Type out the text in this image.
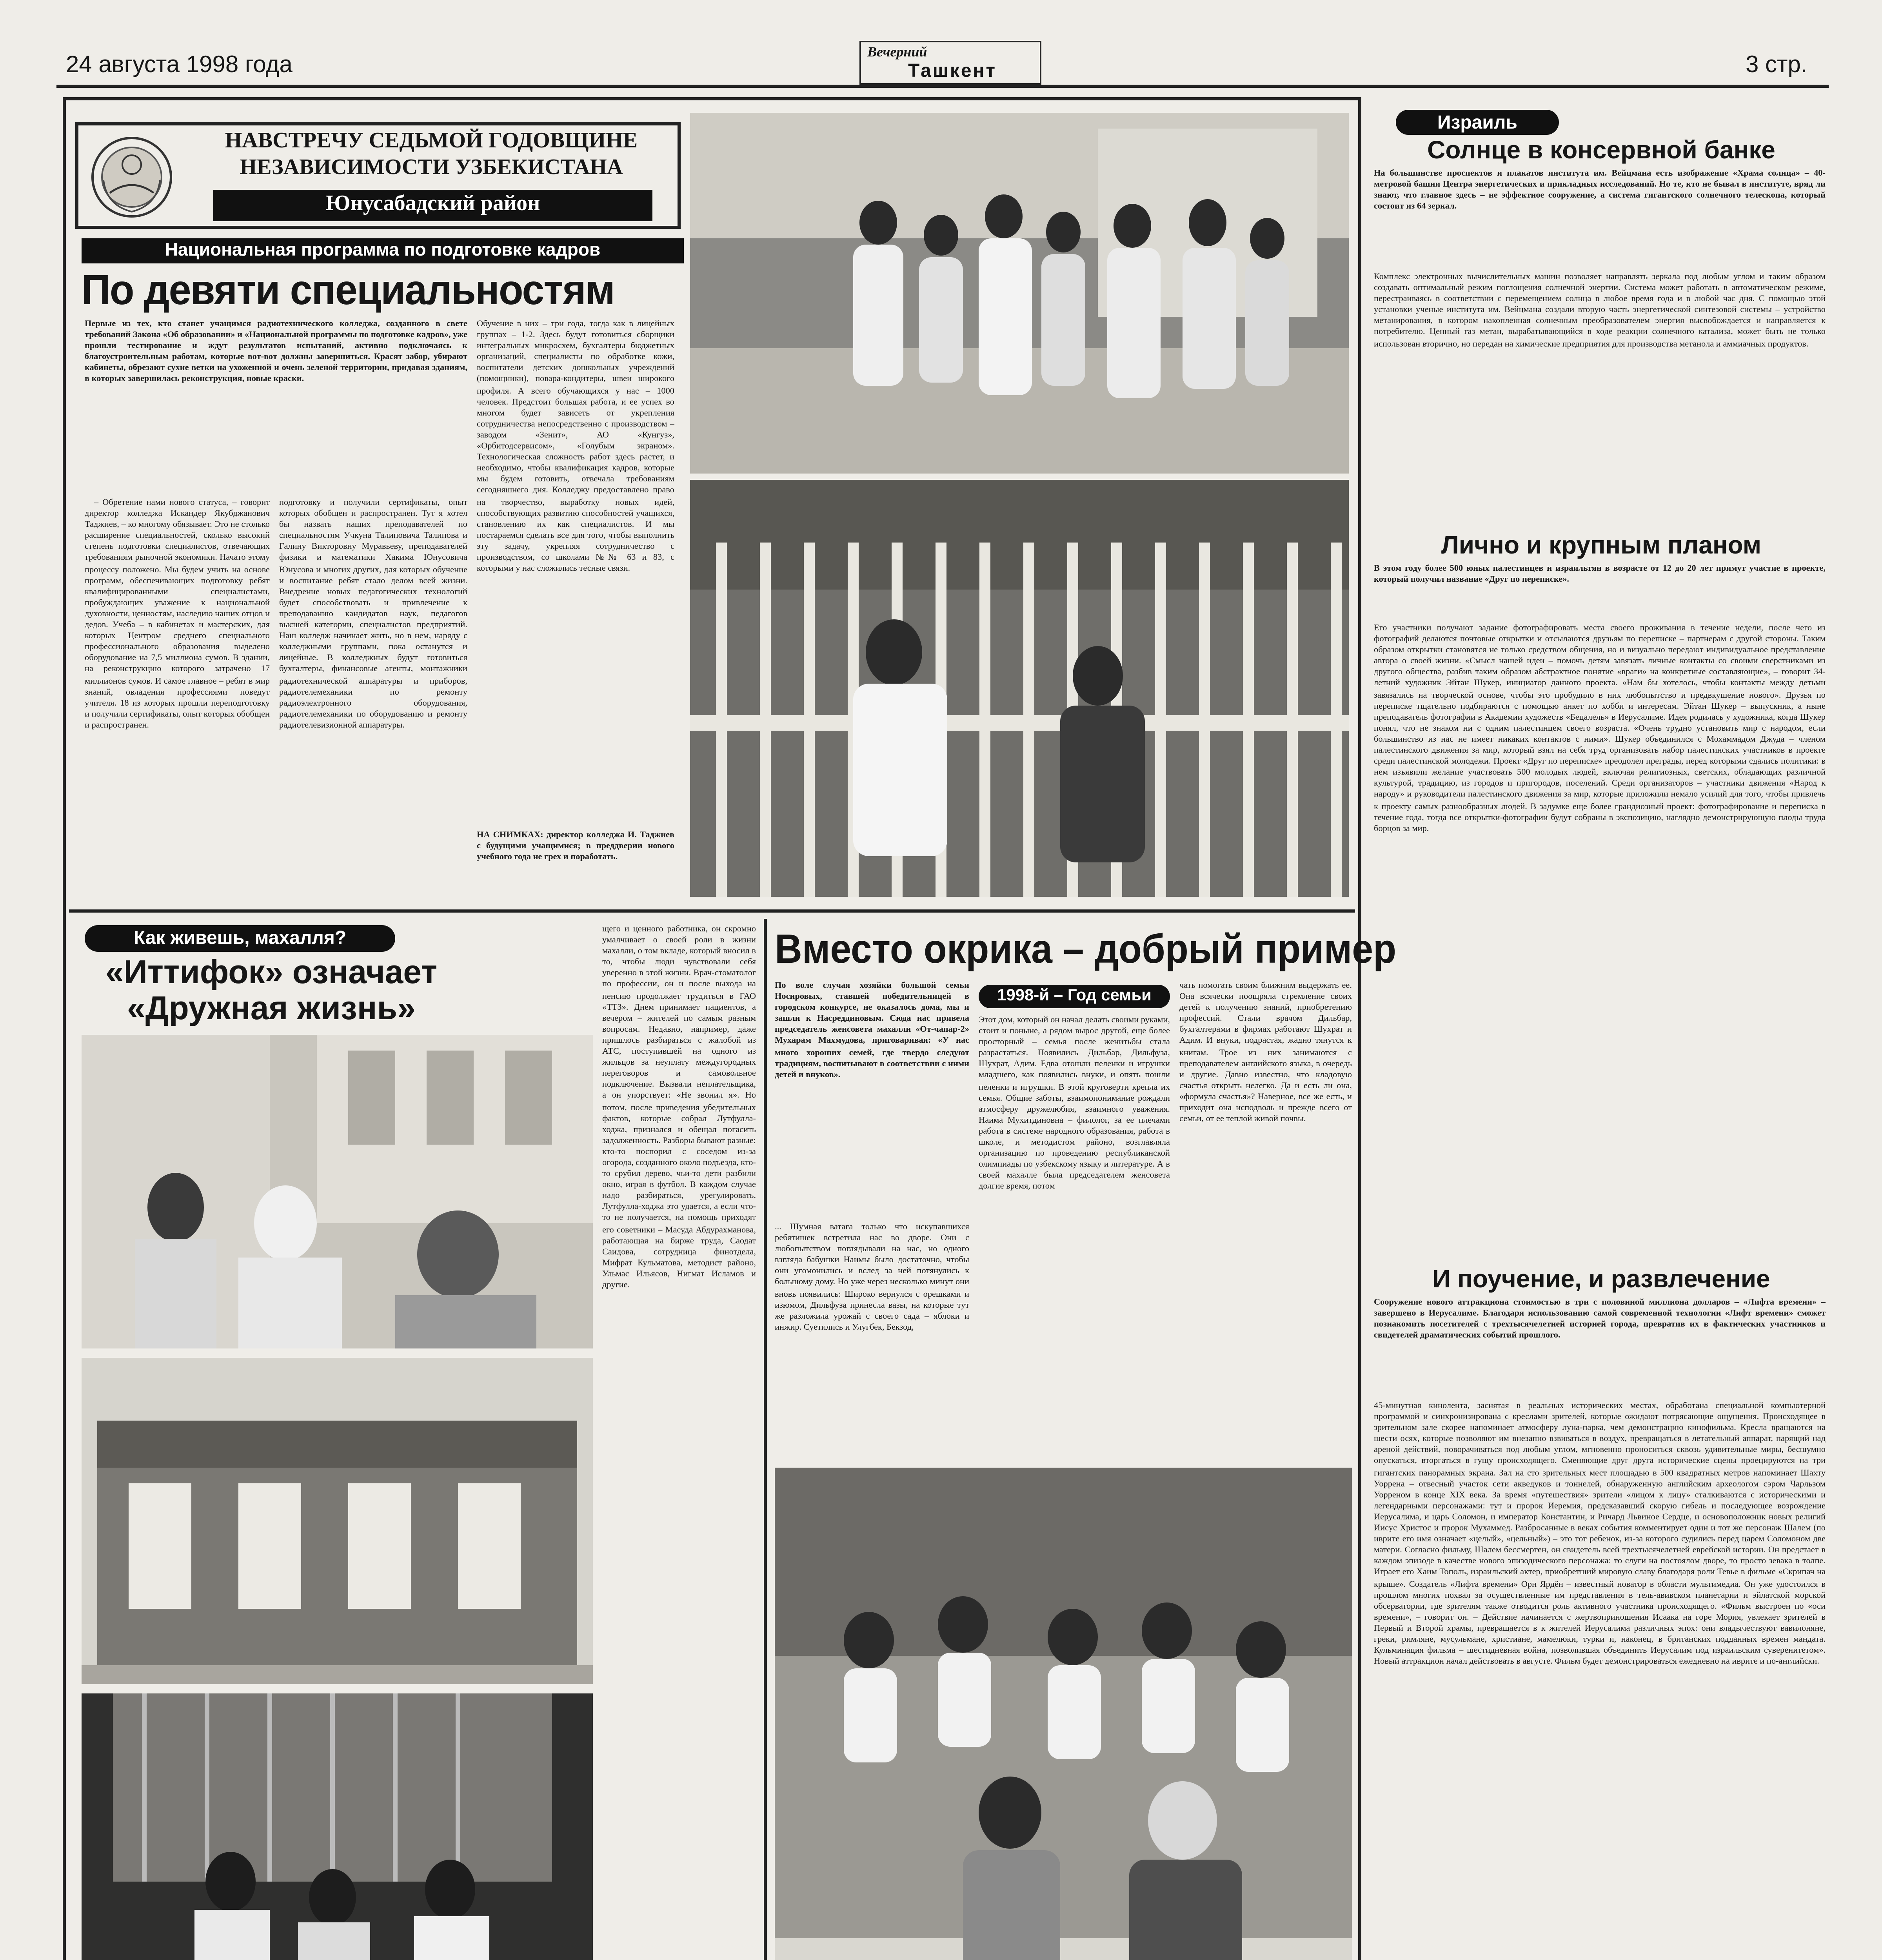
24 августа 1998 года	Вечерний
Ташкент	3 стр.
НАВСТРЕЧУ СЕДЬМОЙ ГОДОВЩИНЕ
НЕЗАВИСИМОСТИ УЗБЕКИСТАНА
Юнусабадский район
Национальная программа по подготовке кадров
По девяти специальностям
Первые из тех, кто станет учащимся радиотехнического колледжа, созданного в свете требований Закона «Об образовании» и «Национальной программы по подготовке кадров», уже прошли тестирование и ждут результатов испытаний, активно подключаясь к благоустроительным работам, которые вот-вот должны завершиться. Красят забор, убирают кабинеты, обрезают сухие ветки на ухоженной и очень зеленой территории, придавая зданиям, в которых завершилась реконструкция, новые краски.
– Обретение нами нового статуса, – говорит директор колледжа Искандер Якубджанович Таджиев, – ко многому обязывает. Это не столько расширение специальностей, сколько высокий степень подготовки специалистов, отвечающих требованиям рыночной экономики. Начато этому процессу положено. Мы будем учить на основе программ, обеспечивающих подготовку ребят квалифицированными специалистами, пробуждающих уважение к национальной духовности, ценностям, наследию наших отцов и дедов. Учеба – в кабинетах и мастерских, для которых Центром среднего специального профессионального образования выделено оборудование на 7,5 миллиона сумов. В здании, на реконструкцию которого затрачено 17 миллионов сумов. И самое главное – ребят в мир знаний, овладения профессиями поведут учителя. 18 из которых прошли переподготовку и получили сертификаты, опыт которых обобщен и распространен.
подготовку и получили сертификаты, опыт которых обобщен и распространен. Тут я хотел бы назвать наших преподавателей по специальностям Учкуна Талиповича Талипова и Галину Викторовну Муравьеву, преподавателей физики и математики Хакима Юнусовича Юнусова и многих других, для которых обучение и воспитание ребят стало делом всей жизни. Внедрение новых педагогических технологий будет способствовать и привлечение к преподаванию кандидатов наук, педагогов высшей категории, специалистов предприятий. Наш колледж начинает жить, но в нем, наряду с колледжными группами, пока останутся и лицейные. В колледжных будут готовиться бухгалтеры, финансовые агенты, монтажники радиотехнической аппаратуры и приборов, радиотелемеханики по ремонту радиоэлектронного оборудования, радиотелемеханики по оборудованию и ремонту радиотелевизионной аппаратуры.
Обучение в них – три года, тогда как в лицейных группах – 1-2. Здесь будут готовиться сборщики интегральных микросхем, бухгалтеры бюджетных организаций, специалисты по обработке кожи, воспитатели детских дошкольных учреждений (помощники), повара-кондитеры, швеи широкого профиля. А всего обучающихся у нас – 1000 человек. Предстоит большая работа, и ее успех во многом будет зависеть от укрепления сотрудничества непосредственно с производством – заводом «Зенит», АО «Кунгуз», «Орбитодсервисом», «Голубым экраном». Технологическая сложность работ здесь растет, и необходимо, чтобы квалификация кадров, которые мы будем готовить, отвечала требованиям сегодняшнего дня. Колледжу предоставлено право на творчество, выработку новых идей, способствующих развитию способностей учащихся, становлению их как специалистов. И мы постараемся сделать все для того, чтобы выполнить эту задачу, укрепляя сотрудничество с производством, со школами №№ 63 и 83, с которыми у нас сложились тесные связи.
НА СНИМКАХ: директор колледжа И. Таджиев с будущими учащимися; в преддверии нового учебного года не грех и поработать.
Как живешь, махалля?
«Иттифок» означает
«Дружная жизнь»
щего и ценного работника, он скромно умалчивает о своей роли в жизни махалли, о том вкладе, который вносил в то, чтобы люди чувствовали себя уверенно в этой жизни. Врач-стоматолог по профессии, он и после выхода на пенсию продолжает трудиться в ГАО «ТТЗ». Днем принимает пациентов, а вечером – жителей по самым разным вопросам. Недавно, например, даже пришлось разбираться с жалобой из АТС, поступившей на одного из жильцов за неуплату междугородных переговоров и самовольное подключение. Вызвали неплательщика, а он упорствует: «Не звонил я». Но потом, после приведения убедительных фактов, которые собрал Лутфулла-ходжа, признался и обещал погасить задолженность. Разборы бывают разные: кто-то поспорил с соседом из-за огорода, созданного около подъезда, кто-то срубил дерево, чьи-то дети разбили окно, играя в футбол. В каждом случае надо разбираться, урегулировать. Лутфулла-ходжа это удается, а если что-то не получается, на помощь приходят его советники – Масуда Абдурахманова, работающая на бирже труда, Саодат Саидова, сотрудница финотдела, Мифрат Кульматова, методист районо, Ульмас Ильясов, Нигмат Исламов и другие.
Вместо окрика – добрый пример
По воле случая хозяйки большой семьи Носировых, ставшей победительницей в городском конкурсе, не оказалось дома, мы и зашли к Насреддиновым. Сюда нас привела председатель женсовета махалли «От-чапар-2» Мухарам Махмудова, приговаривая: «У нас много хороших семей, где твердо следуют традициям, воспитывают в соответствии с ними детей и внуков».
1998-й – Год семьи
... Шумная ватага только что искупавшихся ребятишек встретила нас во дворе. Они с любопытством поглядывали на нас, но одного взгляда бабушки Наимы было достаточно, чтобы они угомонились и вслед за ней потянулись к большому дому. Но уже через несколько минут они вновь появились: Широко вернулся с орешками и изюмом, Дильфуза принесла вазы, на которые тут же разложила урожай с своего сада – яблоки и инжир. Суетились и Улугбек, Бекзод,
Этот дом, который он начал делать своими руками, стоит и поныне, а рядом вырос другой, еще более просторный – семья после женитьбы стала разрастаться. Появились Дильбар, Дильфуза, Шухрат, Адим. Едва отошли пеленки и игрушки младшего, как появились внуки, и опять пошли пеленки и игрушки. В этой круговерти крепла их семья. Общие заботы, взаимопонимание рождали атмосферу дружелюбия, взаимного уважения. Наима Мухитдиновна – филолог, за ее плечами работа в системе народного образования, работа в школе, и методистом районо, возглавляла организацию по проведению республиканской олимпиады по узбекскому языку и литературе. А в своей махалле была председателем женсовета долгие время, потом
чать помогать своим ближним выдержать ее. Она всячески поощряла стремление своих детей к получению знаний, приобретению профессий. Стали врачом Дильбар, бухгалтерами в фирмах работают Шухрат и Адим. И внуки, подрастая, жадно тянутся к книгам. Трое из них занимаются с преподавателем английского языка, в очередь и другие. Давно известно, что кладовую счастья открыть нелегко. Да и есть ли она, «формула счастья»? Наверное, все же есть, и приходит она исподволь и прежде всего от семьи, от ее теплой живой почвы.
Израиль
Солнце в консервной банке
На большинстве проспектов и плакатов института им. Вейцмана есть изображение «Храма солнца» – 40-метровой башни Центра энергетических и прикладных исследований. Но те, кто не бывал в институте, вряд ли знают, что главное здесь – не эффектное сооружение, а система гигантского солнечного телескопа, который состоит из 64 зеркал.
Комплекс электронных вычислительных машин позволяет направлять зеркала под любым углом и таким образом создавать оптимальный режим поглощения солнечной энергии. Система может работать в автоматическом режиме, перестраиваясь в соответствии с перемещением солнца в любое время года и в любой час дня. С помощью этой установки ученые института им. Вейцмана создали вторую часть энергетической синтезовой системы – устройство метанирования, в котором накопленная солнечным преобразователем энергия высвобождается и направляется к потребителю. Ценный газ метан, вырабатывающийся в ходе реакции солнечного катализа, может быть не только использован вторично, но передан на химические предприятия для производства метанола и аммиачных продуктов.
Лично и крупным планом
В этом году более 500 юных палестинцев и израильтян в возрасте от 12 до 20 лет примут участие в проекте, который получил название «Друг по переписке».
Его участники получают задание фотографировать места своего проживания в течение недели, после чего из фотографий делаются почтовые открытки и отсылаются друзьям по переписке – партнерам с другой стороны. Таким образом открытки становятся не только средством общения, но и визуально передают индивидуальное представление автора о своей жизни. «Смысл нашей идеи – помочь детям завязать личные контакты со своими сверстниками из другого общества, разбив таким образом абстрактное понятие «враги» на конкретные составляющие», – говорит 34-летний художник Эйтан Шукер, инициатор данного проекта. «Нам бы хотелось, чтобы контакты между детьми завязались на творческой основе, чтобы это пробудило в них любопытство и предвкушение нового». Друзья по переписке тщательно подбираются с помощью анкет по хобби и интересам. Эйтан Шукер – выпускник, а ныне преподаватель фотографии в Академии художеств «Бецалель» в Иерусалиме. Идея родилась у художника, когда Шукер понял, что не знаком ни с одним палестинцем своего возраста. «Очень трудно установить мир с народом, если большинство из нас не имеет никаких контактов с ними». Шукер объединился с Мохаммадом Джуда – членом палестинского движения за мир, который взял на себя труд организовать набор палестинских участников в проекте среди палестинской молодежи. Проект «Друг по переписке» преодолел преграды, перед которыми сдались политики: в нем изъявили желание участвовать 500 молодых людей, включая религиозных, светских, обладающих различной культурой, традицию, из городов и пригородов, поселений. Среди организаторов – участники движения «Народ к народу» и руководители палестинского движения за мир, которые приложили немало усилий для того, чтобы привлечь к проекту самых разнообразных людей. В задумке еще более грандиозный проект: фотографирование и переписка в течение года, тогда все открытки-фотографии будут собраны в экспозицию, наглядно демонстрирующую плоды труда борцов за мир.
И поучение, и развлечение
Сооружение нового аттракциона стоимостью в три с половиной миллиона долларов – «Лифта времени» – завершено в Иерусалиме. Благодаря использованию самой современной технологии «Лифт времени» сможет познакомить посетителей с трехтысячелетней историей города, превратив их в фактических участников и свидетелей драматических событий прошлого.
45-минутная кинолента, заснятая в реальных исторических местах, обработана специальной компьютерной программой и синхронизирована с креслами зрителей, которые ожидают потрясающие ощущения. Происходящее в зрительном зале скорее напоминает атмосферу луна-парка, чем демонстрацию кинофильма. Кресла вращаются на шести осях, которые позволяют им внезапно взвиваться в воздух, превращаться в летательный аппарат, парящий над ареной действий, поворачиваться под любым углом, мгновенно проноситься сквозь удивительные миры, бесшумно опускаться, вторгаться в гущу происходящего. Сменяющие друг друга исторические сцены проецируются на три гигантских панорамных экрана. Зал на сто зрительных мест площадью в 500 квадратных метров напоминает Шахту Уоррена – отвесный участок сети акведуков и тоннелей, обнаруженную английским археологом сэром Чарльзом Уорреном в конце XIX века. За время «путешествия» зрители «лицом к лицу» сталкиваются с историческими и легендарными персонажами: тут и пророк Иеремия, предсказавший скорую гибель и последующее возрождение Иерусалима, и царь Соломон, и император Константин, и Ричард Львиное Сердце, и основоположник новых религий Иисус Христос и пророк Мухаммед. Разбросанные в веках события комментирует один и тот же персонаж Шалем (по иврите его имя означает «целый», «цельный») – это тот ребенок, из-за которого судились перед царем Соломоном две матери. Согласно фильму, Шалем бессмертен, он свидетель всей трехтысячелетней еврейской истории. Он предстает в каждом эпизоде в качестве нового эпизодического персонажа: то слуги на постоялом дворе, то просто зевака в толпе. Играет его Хаим Тополь, израильский актер, приобретший мировую славу благодаря роли Тевье в фильме «Скрипач на крыше». Создатель «Лифта времени» Орн Ярдён – известный новатор в области мультимедиа. Он уже удостоился в прошлом многих похвал за осуществленные им представления в тель-авивском планетарии и эйлатской морской обсерватории, где зрителям также отводится роль активного участника происходящего. «Фильм выстроен по «оси времени», – говорит он. – Действие начинается с жертвоприношения Исаака на горе Мория, увлекает зрителей в Первый и Второй храмы, превращается в к жителей Иерусалима различных эпох: они владычествуют вавилоняне, греки, римляне, мусульмане, христиане, мамелюки, турки и, наконец, в британских подданных времен мандата. Кульминация фильма – шестидневная война, позволившая объединить Иерусалим под израильским суверенитетом». Новый аттракцион начал действовать в августе. Фильм будет демонстрироваться ежедневно на иврите и по-английски.
